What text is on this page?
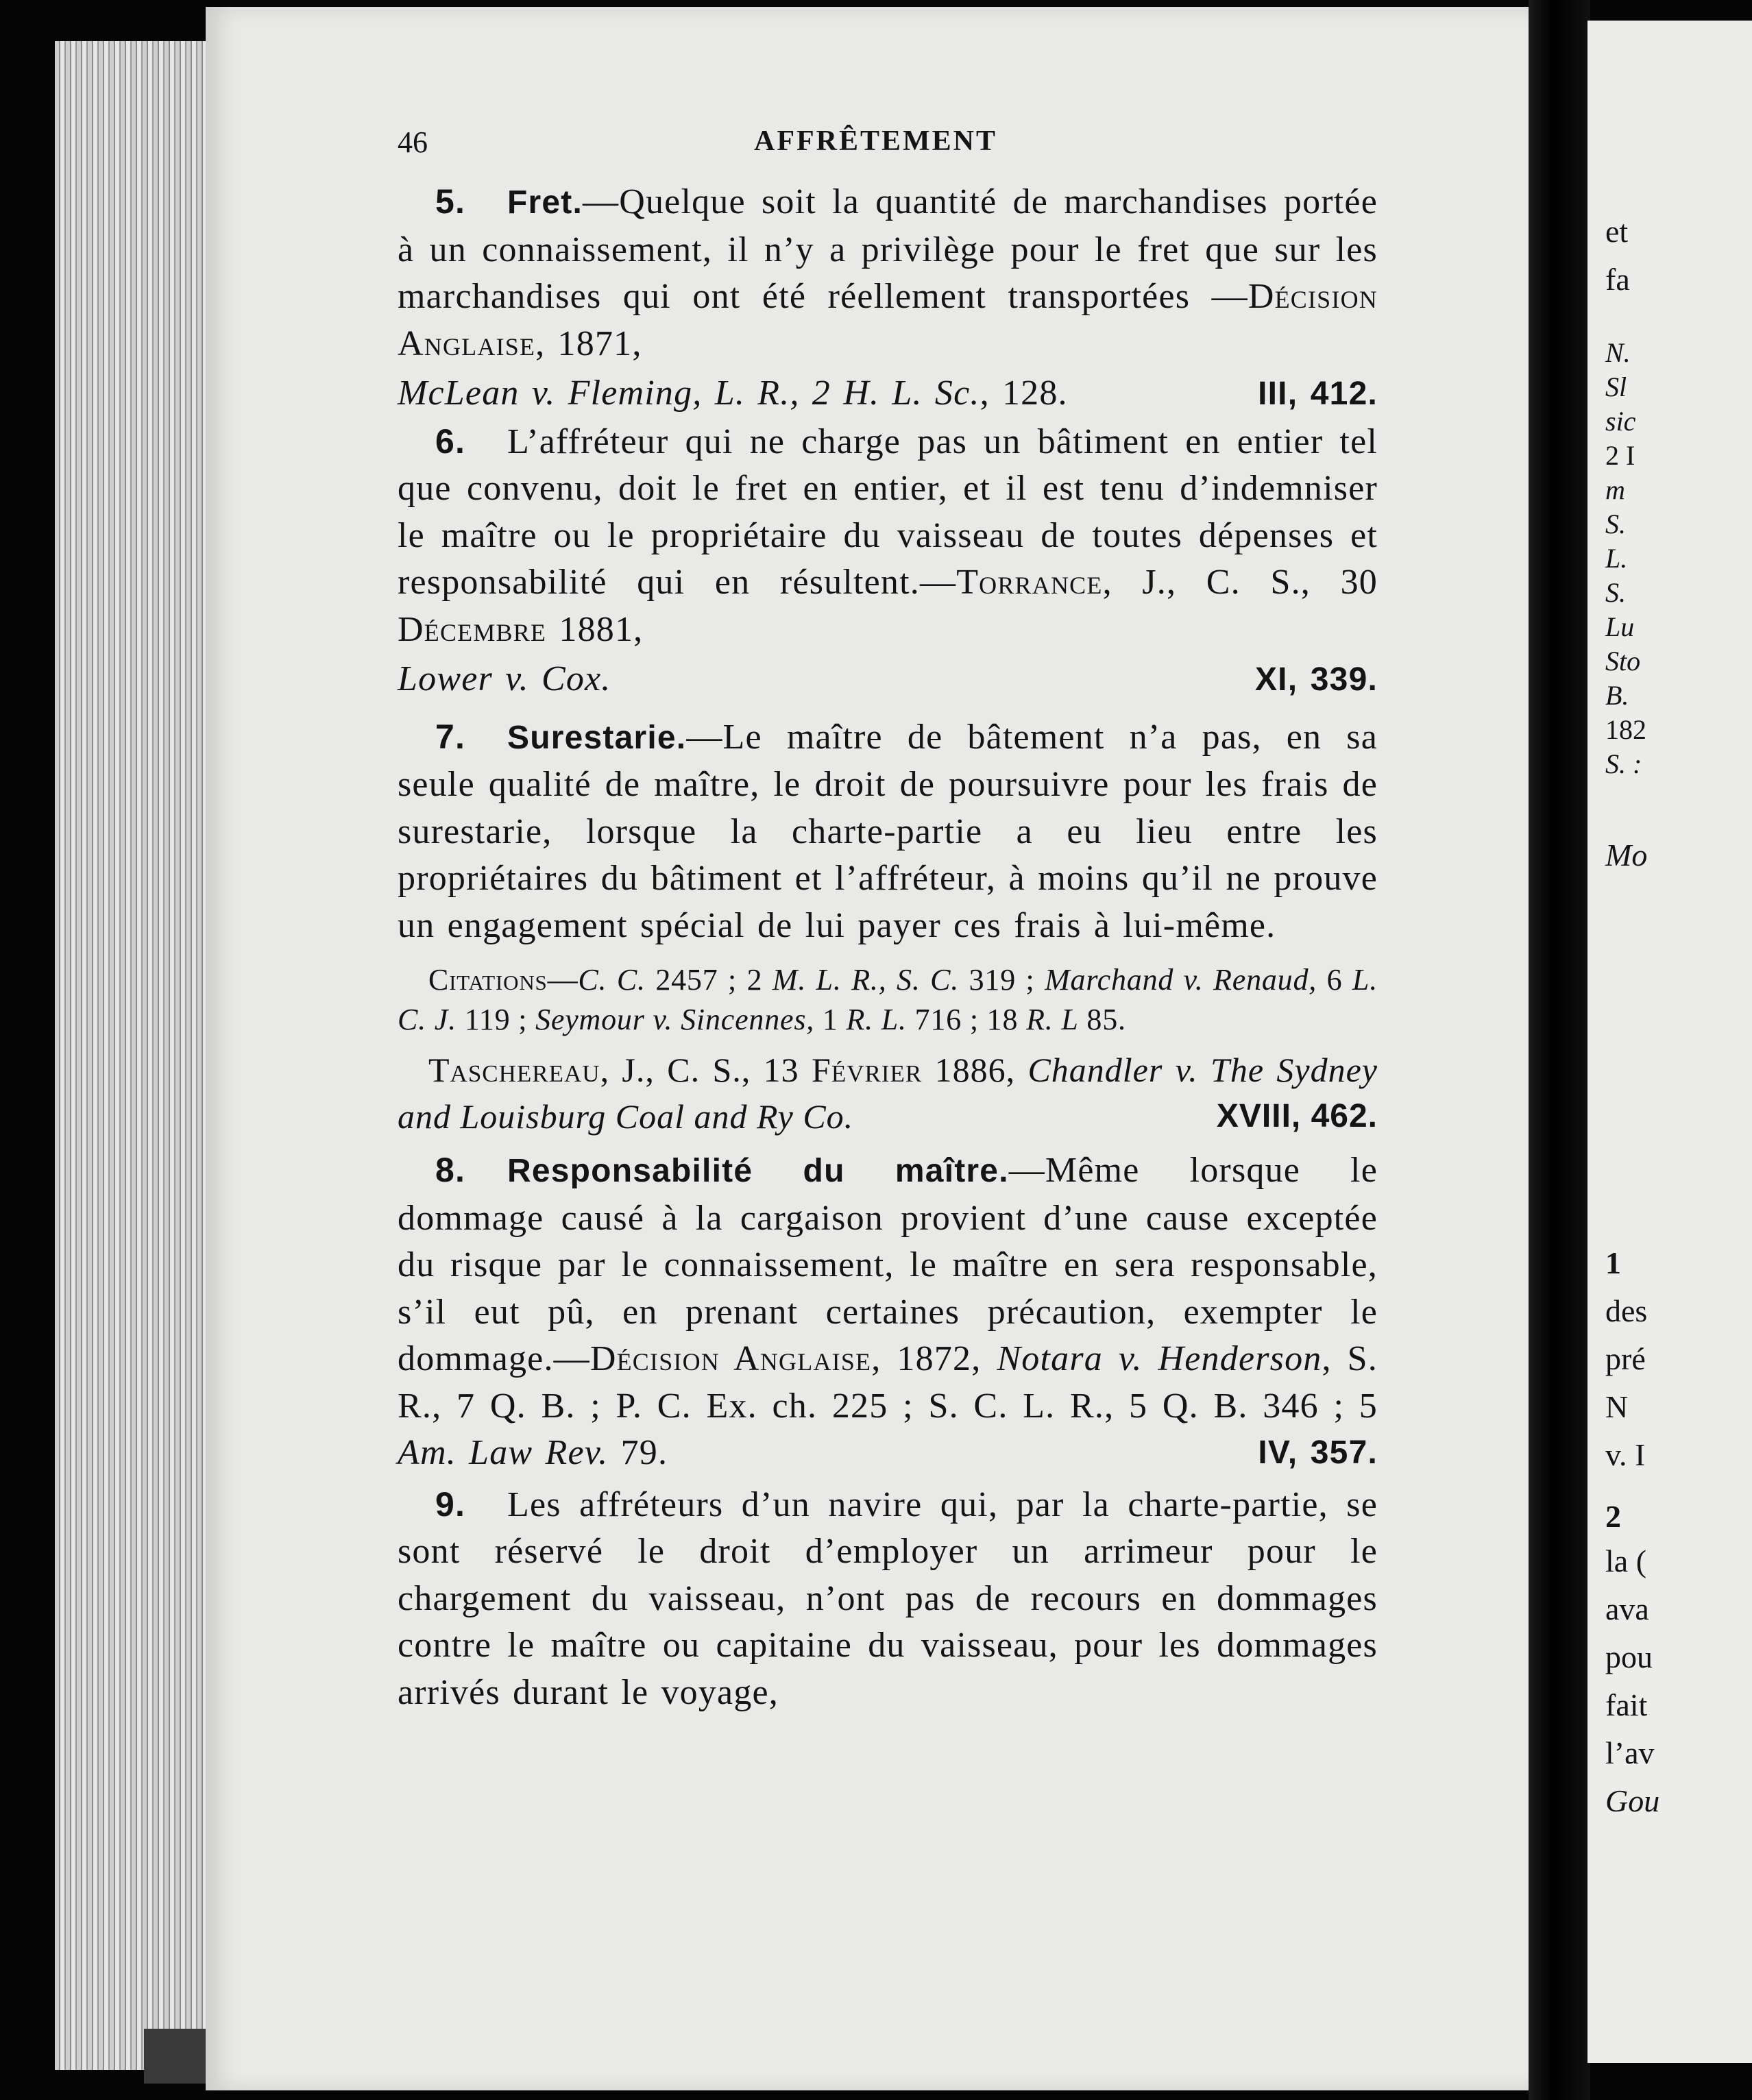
et
fa
N.
Sl
sic
2 I
m
S.
L.
S.
Lu
Sto
B.
182
S. :
Mo
1
des
pré
N
v. I
2
la (
ava
pou
fait
l’av
Gou
46	AFFRÊTEMENT

5. Fret.—Quelque soit la quantité de marchandises portée à un connaissement, il n’y a privilège pour le fret que sur les marchandises qui ont été réellement transportées —Décision Anglaise, 1871,

McLean v. Fleming, L. R., 2 H. L. Sc., 128.	III, 412.

6. L’affréteur qui ne charge pas un bâtiment en entier tel que convenu, doit le fret en entier, et il est tenu d’indemniser le maître ou le propriétaire du vaisseau de toutes dépenses et responsabilité qui en résultent.—Torrance, J., C. S., 30 Décembre 1881,

Lower v. Cox.	XI, 339.

7. Surestarie.—Le maître de bâtement n’a pas, en sa seule qualité de maître, le droit de poursuivre pour les frais de surestarie, lorsque la charte-partie a eu lieu entre les propriétaires du bâtiment et l’affréteur, à moins qu’il ne prouve un engagement spécial de lui payer ces frais à lui-même.

Citations—C. C. 2457 ; 2 M. L. R., S. C. 319 ; Marchand v. Renaud, 6 L. C. J. 119 ; Seymour v. Sincennes, 1 R. L. 716 ; 18 R. L 85.

Taschereau, J., C. S., 13 Février 1886, Chandler v. The Sydney and Louisburg Coal and Ry Co.	XVIII, 462.

8. Responsabilité du maître.—Même lorsque le dommage causé à la cargaison provient d’une cause exceptée du risque par le connaissement, le maître en sera responsable, s’il eut pû, en prenant certaines précaution, exempter le dommage.—Décision Anglaise, 1872, Notara v. Henderson, S. R., 7 Q. B. ; P. C. Ex. ch. 225 ; S. C. L. R., 5 Q. B. 346 ; 5 Am. Law Rev. 79.	IV, 357.

9. Les affréteurs d’un navire qui, par la charte-partie, se sont réservé le droit d’employer un arrimeur pour le chargement du vaisseau, n’ont pas de recours en dommages contre le maître ou capitaine du vaisseau, pour les dommages arrivés durant le voyage,
